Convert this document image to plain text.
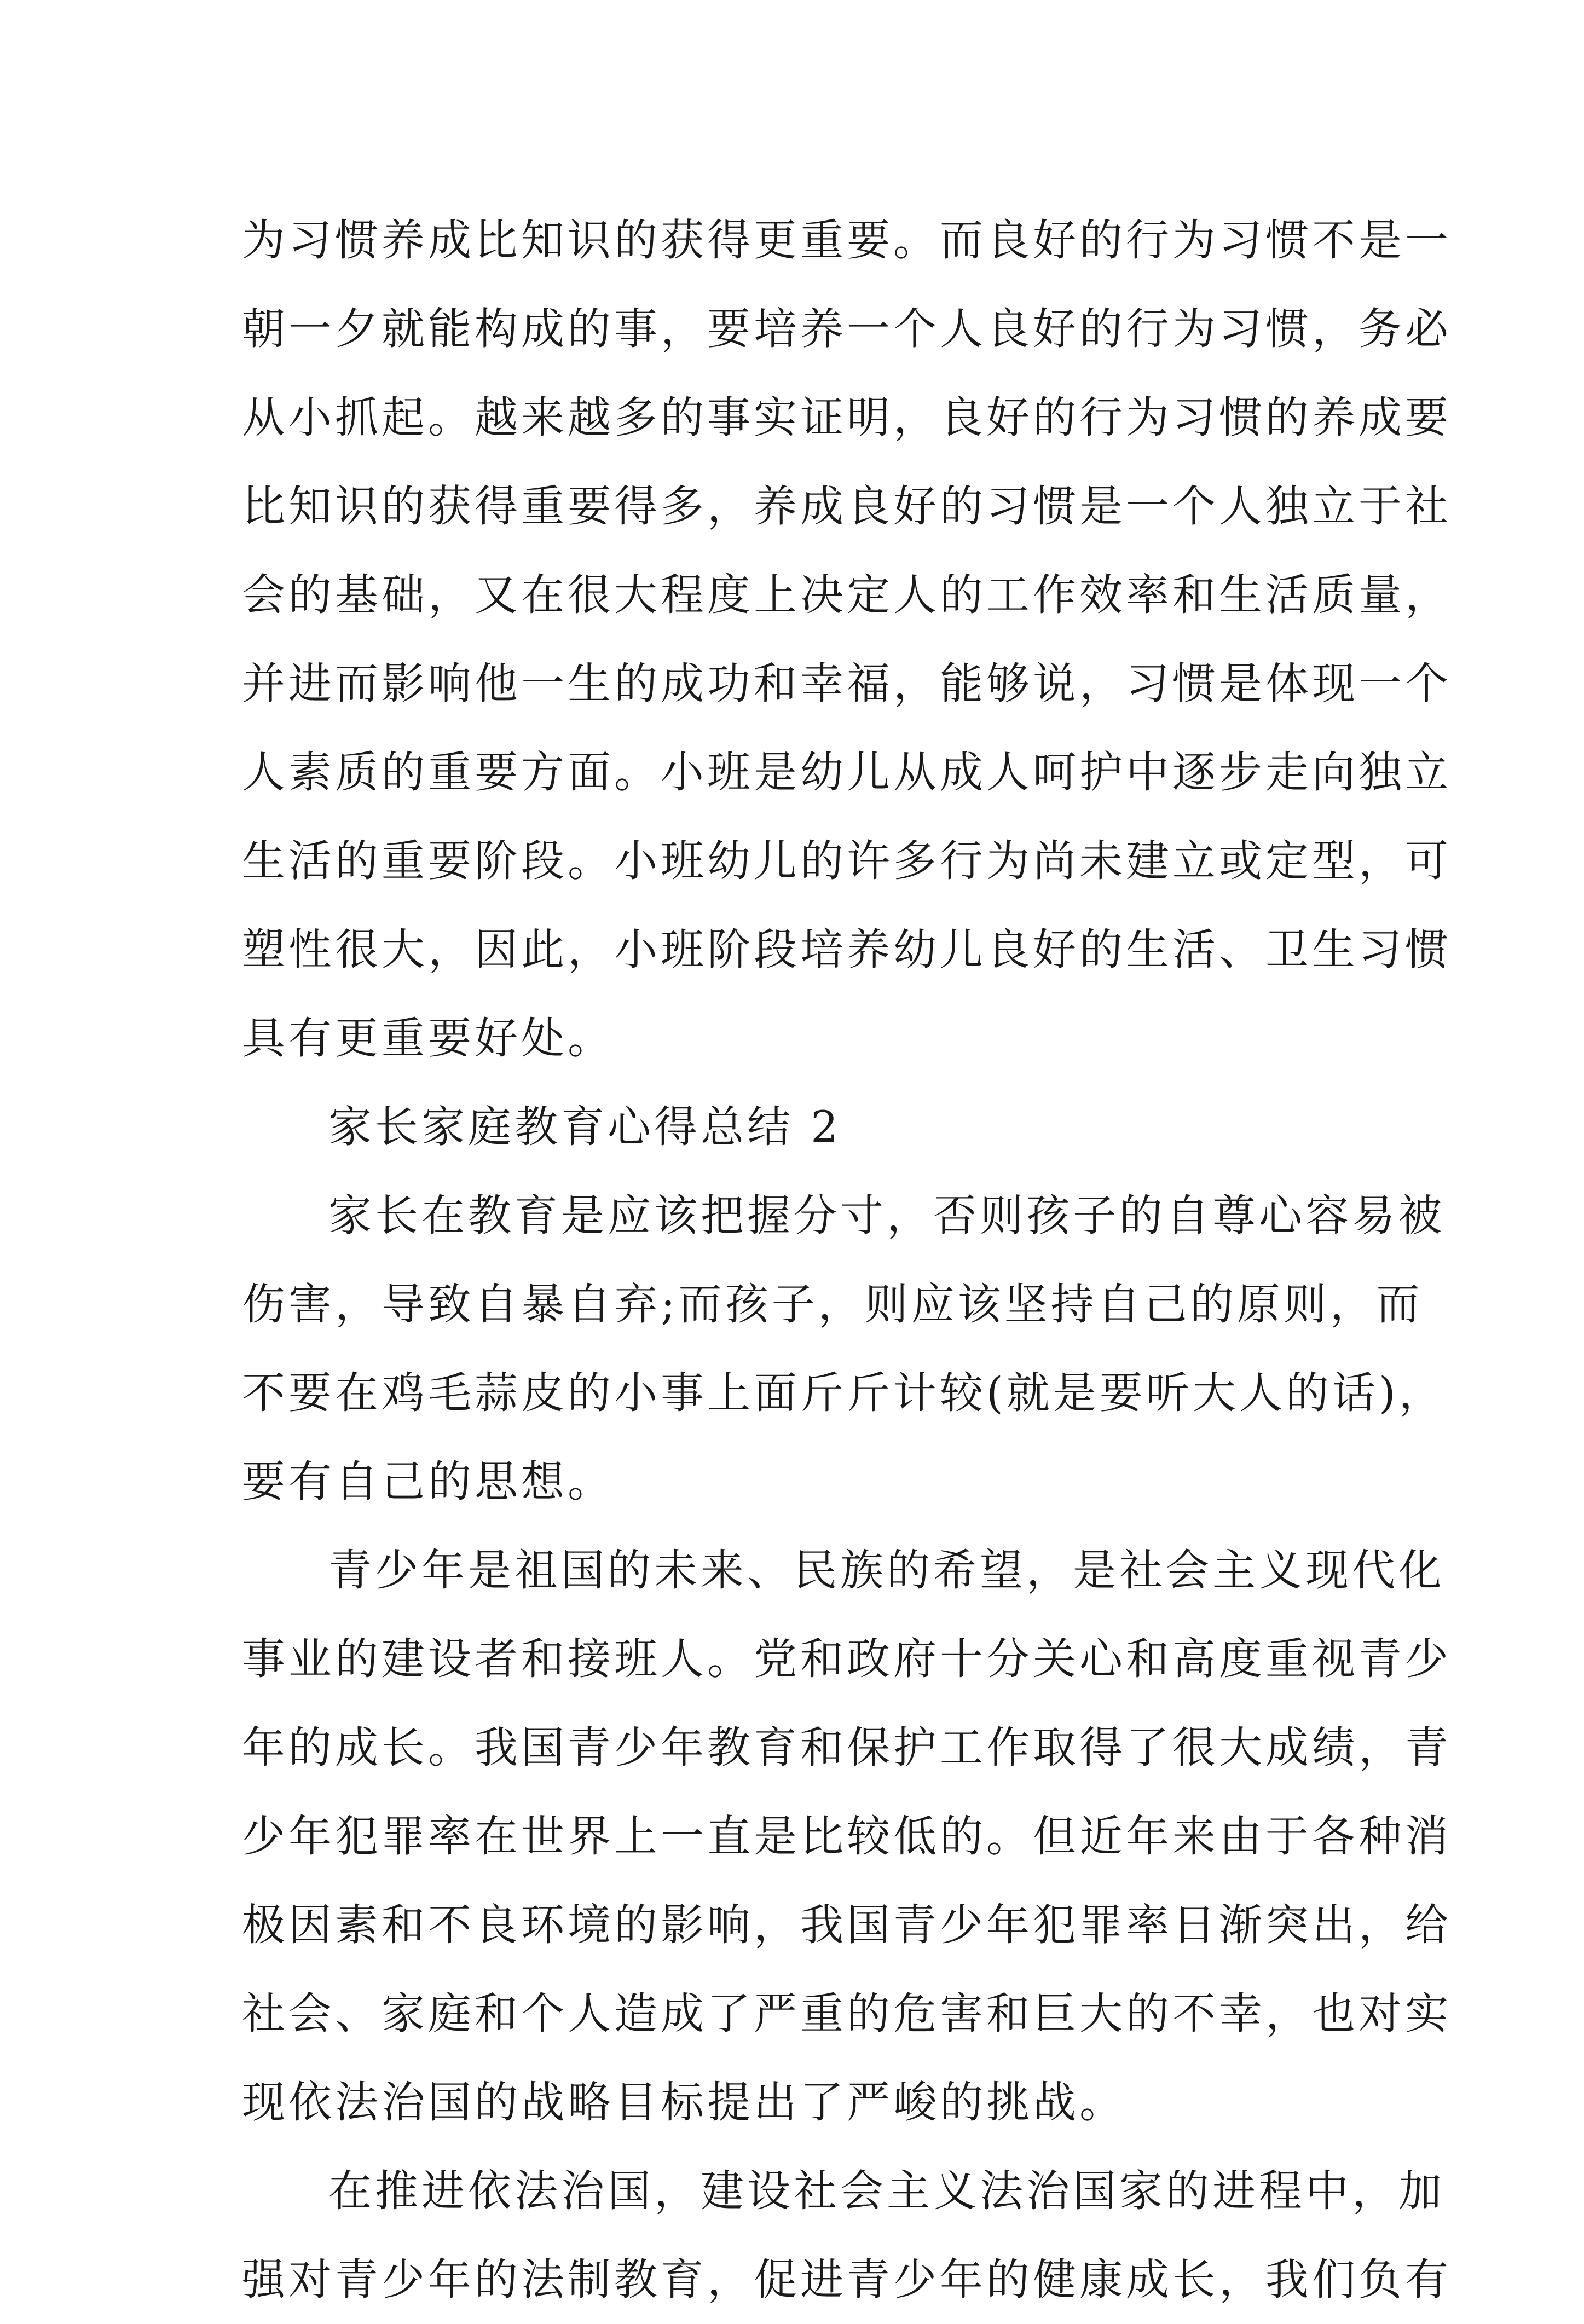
为习惯养成比知识的获得更重要。而良好的行为习惯不是一
朝一夕就能构成的事，要培养一个人良好的行为习惯，务必
从小抓起。越来越多的事实证明，良好的行为习惯的养成要
比知识的获得重要得多，养成良好的习惯是一个人独立于社
会的基础，又在很大程度上决定人的工作效率和生活质量，
并进而影响他一生的成功和幸福，能够说，习惯是体现一个
人素质的重要方面。小班是幼儿从成人呵护中逐步走向独立
生活的重要阶段。小班幼儿的许多行为尚未建立或定型，可
塑性很大，因此，小班阶段培养幼儿良好的生活、卫生习惯
具有更重要好处。
家长家庭教育心得总结 2
家长在教育是应该把握分寸，否则孩子的自尊心容易被
伤害，导致自暴自弃;而孩子，则应该坚持自己的原则，而
不要在鸡毛蒜皮的小事上面斤斤计较(就是要听大人的话)，
要有自己的思想。
青少年是祖国的未来、民族的希望，是社会主义现代化
事业的建设者和接班人。党和政府十分关心和高度重视青少
年的成长。我国青少年教育和保护工作取得了很大成绩，青
少年犯罪率在世界上一直是比较低的。但近年来由于各种消
极因素和不良环境的影响，我国青少年犯罪率日渐突出，给
社会、家庭和个人造成了严重的危害和巨大的不幸，也对实
现依法治国的战略目标提出了严峻的挑战。
在推进依法治国，建设社会主义法治国家的进程中，加
强对青少年的法制教育，促进青少年的健康成长，我们负有
